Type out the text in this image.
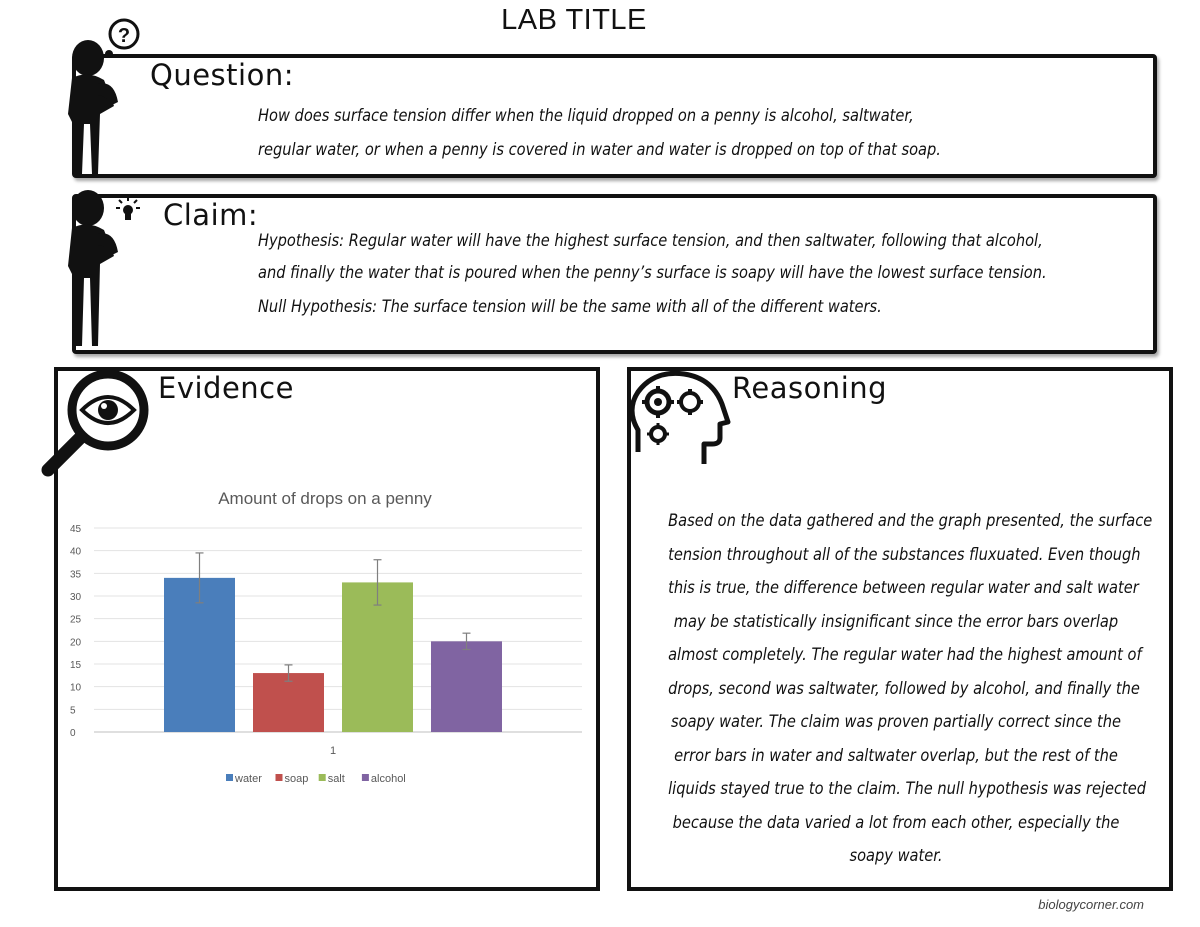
LAB TITLE
?
Question:
How does surface tension differ when the liquid dropped on a penny is alcohol, saltwater,
regular water, or when a penny is covered in water and water is dropped on top of that soap.
Claim:
Hypothesis: Regular water will have the highest surface tension, and then saltwater, following that alcohol,
and finally the water that is poured when the penny’s surface is soapy will have the lowest surface tension.
Null Hypothesis: The surface tension will be the same with all of the different waters.
Evidence
Amount of drops on a penny
0
5
10
15
20
25
30
35
40
45
1
water soap salt alcohol
Reasoning
Based on the data gathered and the graph presented, the surface
tension throughout all of the substances fluxuated. Even though
this is true, the difference between regular water and salt water
may be statistically insignificant since the error bars overlap
almost completely. The regular water had the highest amount of
drops, second was saltwater, followed by alcohol, and finally the
soapy water. The claim was proven partially correct since the
error bars in water and saltwater overlap, but the rest of the
liquids stayed true to the claim. The null hypothesis was rejected
because the data varied a lot from each other, especially the
soapy water.
biologycorner.com
